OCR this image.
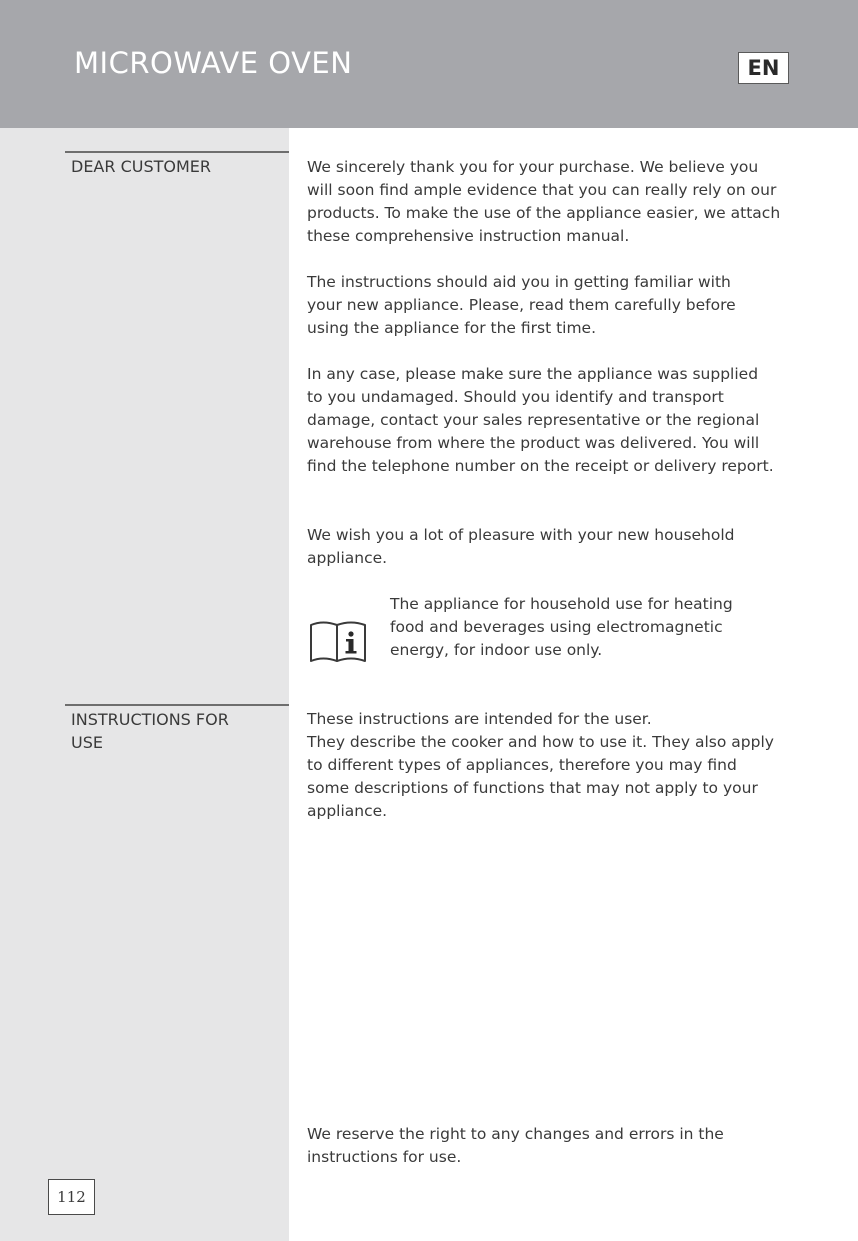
MICROWAVE OVEN	EN
DEAR CUSTOMER	We sincerely thank you for your purchase. We believe you will soon find ample evidence that you can really rely on our products. To make the use of the appliance easier, we attach these comprehensive instruction manual.

The instructions should aid you in getting familiar with your new appliance. Please, read them carefully before using the appliance for the first time.

In any case, please make sure the appliance was supplied to you undamaged. Should you identify and transport damage, contact your sales representative or the regional warehouse from where the product was delivered. You will find the telephone number on the receipt or delivery report.

We wish you a lot of pleasure with your new household appliance.

The appliance for household use for heating food and beverages using electromagnetic energy, for indoor use only.

INSTRUCTIONS FOR USE

These instructions are intended for the user.

They describe the cooker and how to use it. They also apply to different types of appliances, therefore you may find some descriptions of functions that may not apply to your appliance.

We reserve the right to any changes and errors in the instructions for use.

112
